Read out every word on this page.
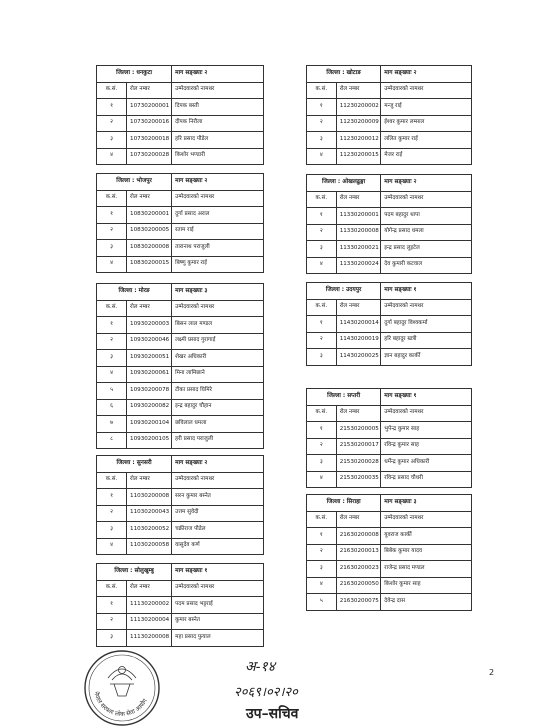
जिल्ला : धनकुटा		माग सङ्ख्याः २
क.सं.	रोल नम्बर	उम्मेदवारको नामथर
१	10730200001	दिपक बस्ती
२	10730200016	दीपक निरौला
३	10730200018	हरि प्रसाद पौडेल
४	10730200028	किशोर भण्डारी
जिल्ला : भोजपुर		माग सङ्ख्याः २
क.सं.	रोल नम्बर	उम्मेदवारको नामथर
१	10830200001	दुर्गा प्रसाद अराल
२	10830200005	रताम राई
३	10830200008	तारानाथ पराजुली
४	10830200015	बिष्णु कुमार राई
जिल्ला : मोरङ		माग सङ्ख्याः ३
क.सं.	रोल नम्बर	उम्मेदवारको नामथर
१	10930200003	बिसन लाल मण्डल
२	10930200046	लक्ष्मी प्रसाद गुरागाई
३	10930200051	शेखर अधिकारी
४	10930200061	मिना लामिछाने
५	10930200078	टीका प्रसाद घिमिरे
६	10930200082	इन्द्र बहादुर चौहान
७	10930200104	छविलाल धमला
८	10930200105	हरी प्रसाद पराजुली
जिल्ला : सुनसरी		माग सङ्ख्याः २
क.सं.	रोल नम्बर	उम्मेदवारको नामथर
१	11030200008	सरन कुमार बस्नेत
२	11030200043	उत्तम सुवेदी
३	11030200052	चक्रीराज पौडेल
४	11030200058	वासुदेव कर्ण
जिल्ला : सोलुखुम्बु		माग सङ्ख्याः १
क.सं.	रोल नम्बर	उम्मेदवारको नामथर
१	11130200002	पदम प्रसाद भट्टराई
२	11130200004	कुमार बस्नेत
३	11130200008	महा प्रसाद फुयाल
जिल्ला : खोटाङ		माग सङ्ख्याः २
क.सं.	रोल नम्बर	उम्मेदवारको नामथर
१	11230200002	मन्जु राई
२	11230200009	ईश्वर कुमार लम्साल
३	11230200012	ललित कुमार राई
४	11230200015	मेजर राई
जिल्ला : ओखलढुङ्गा		माग सङ्ख्याः २
क.सं.	रोल नम्बर	उम्मेदवारको नामथर
१	11330200001	पदम बहादुर थापा
२	11330200008	योगेन्द्र प्रसाद धमला
३	11330200021	इन्द्र प्रसाद लुइटेल
४	11330200024	देव कुमारी कटवाल
जिल्ला : उदयपुर		माग सङ्ख्याः १
क.सं.	रोल नम्बर	उम्मेदवारको नामथर
१	11430200014	दुर्गा बहादुर विश्वकर्मा
२	11430200019	हरि बहादुर खत्री
३	11430200025	ज्ञान बहादुर कार्की
जिल्ला : सप्तरी		माग सङ्ख्याः १
क.सं.	रोल नम्बर	उम्मेदवारको नामथर
१	21530200005	भुपेन्द्र कुमार साह
२	21530200017	रविन्द्र कुमार साह
३	21530200028	धर्मेन्द्र कुमार अधिकारी
४	21530200035	रविन्द्र प्रसाद चौधरी
जिल्ला : सिराहा		माग सङ्ख्याः ३
क.सं.	रोल नम्बर	उम्मेदवारको नामथर
१	21630200008	युवराज कार्की
२	21630200013	बिबेक कुमार यादव
३	21630200023	राजेन्द्र प्रसाद मण्डल
४	21630200050	किशोर कुमार साह
५	21630200075	देवेन्द्र दास
नेपाल सरकार लोक सेवा आयोग
अ-१४
२०६९।०२।२०
उप–सचिव
2
